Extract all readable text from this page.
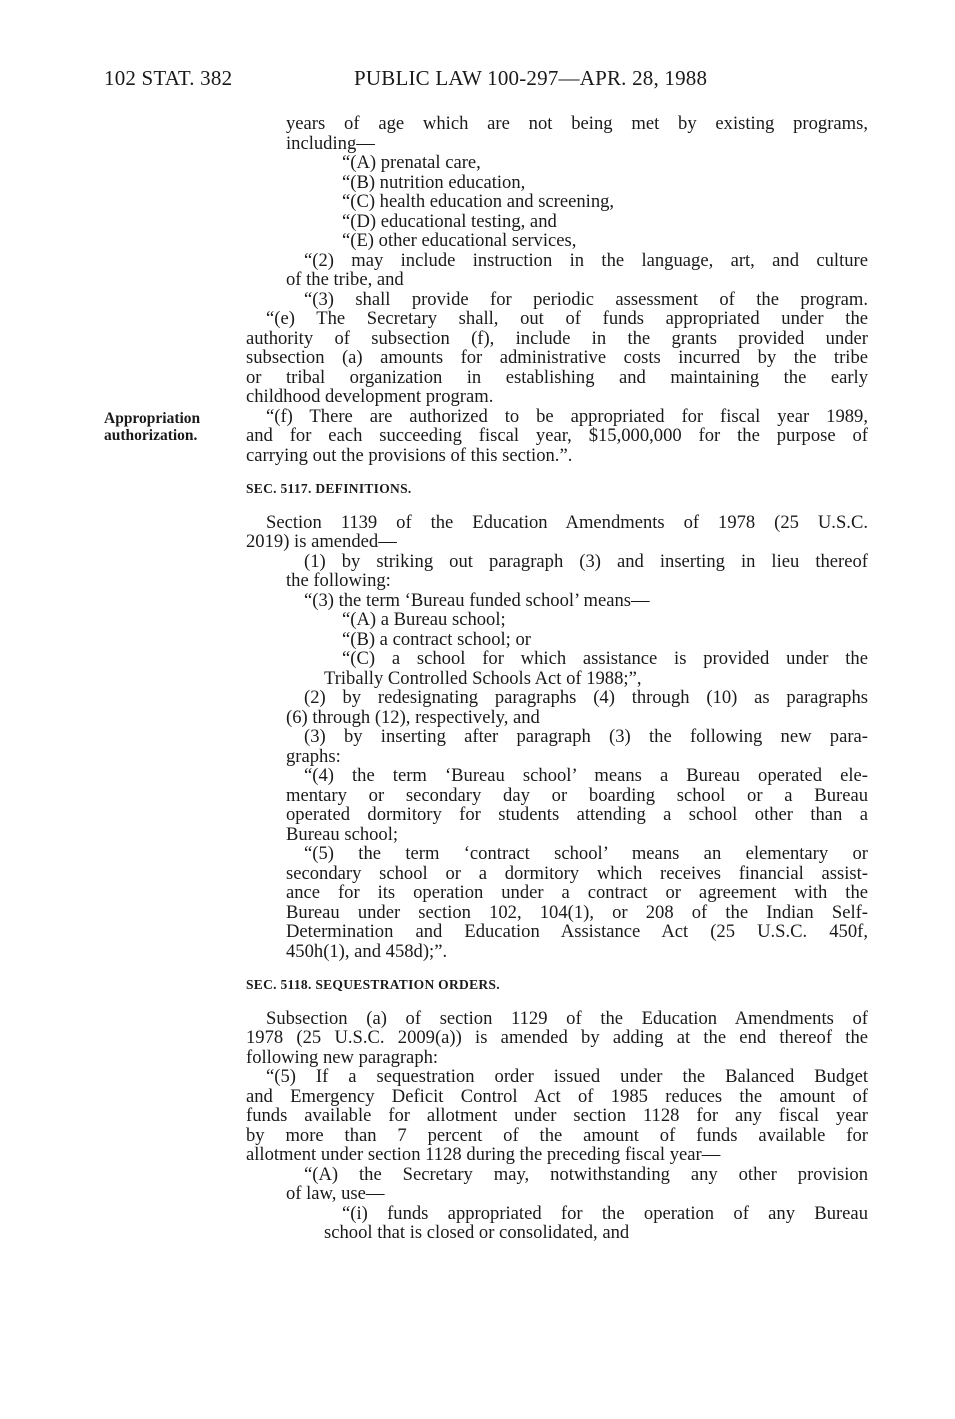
102 STAT. 382	PUBLIC LAW 100-297—APR. 28, 1988
Appropriation
authorization.
years of age which are not being met by existing programs,
including—
“(A) prenatal care,
“(B) nutrition education,
“(C) health education and screening,
“(D) educational testing, and
“(E) other educational services,
“(2) may include instruction in the language, art, and culture
of the tribe, and
“(3) shall provide for periodic assessment of the program.
“(e) The Secretary shall, out of funds appropriated under the
authority of subsection (f), include in the grants provided under
subsection (a) amounts for administrative costs incurred by the tribe
or tribal organization in establishing and maintaining the early
childhood development program.
“(f) There are authorized to be appropriated for fiscal year 1989,
and for each succeeding fiscal year, $15,000,000 for the purpose of
carrying out the provisions of this section.”.
SEC. 5117. DEFINITIONS.
Section 1139 of the Education Amendments of 1978 (25 U.S.C.
2019) is amended—
(1) by striking out paragraph (3) and inserting in lieu thereof
the following:
“(3) the term ‘Bureau funded school’ means—
“(A) a Bureau school;
“(B) a contract school; or
“(C) a school for which assistance is provided under the
Tribally Controlled Schools Act of 1988;”,
(2) by redesignating paragraphs (4) through (10) as paragraphs
(6) through (12), respectively, and
(3) by inserting after paragraph (3) the following new para-
graphs:
“(4) the term ‘Bureau school’ means a Bureau operated ele-
mentary or secondary day or boarding school or a Bureau
operated dormitory for students attending a school other than a
Bureau school;
“(5) the term ‘contract school’ means an elementary or
secondary school or a dormitory which receives financial assist-
ance for its operation under a contract or agreement with the
Bureau under section 102, 104(1), or 208 of the Indian Self-
Determination and Education Assistance Act (25 U.S.C. 450f,
450h(1), and 458d);”.
SEC. 5118. SEQUESTRATION ORDERS.
Subsection (a) of section 1129 of the Education Amendments of
1978 (25 U.S.C. 2009(a)) is amended by adding at the end thereof the
following new paragraph:
“(5) If a sequestration order issued under the Balanced Budget
and Emergency Deficit Control Act of 1985 reduces the amount of
funds available for allotment under section 1128 for any fiscal year
by more than 7 percent of the amount of funds available for
allotment under section 1128 during the preceding fiscal year—
“(A) the Secretary may, notwithstanding any other provision
of law, use—
“(i) funds appropriated for the operation of any Bureau
school that is closed or consolidated, and
